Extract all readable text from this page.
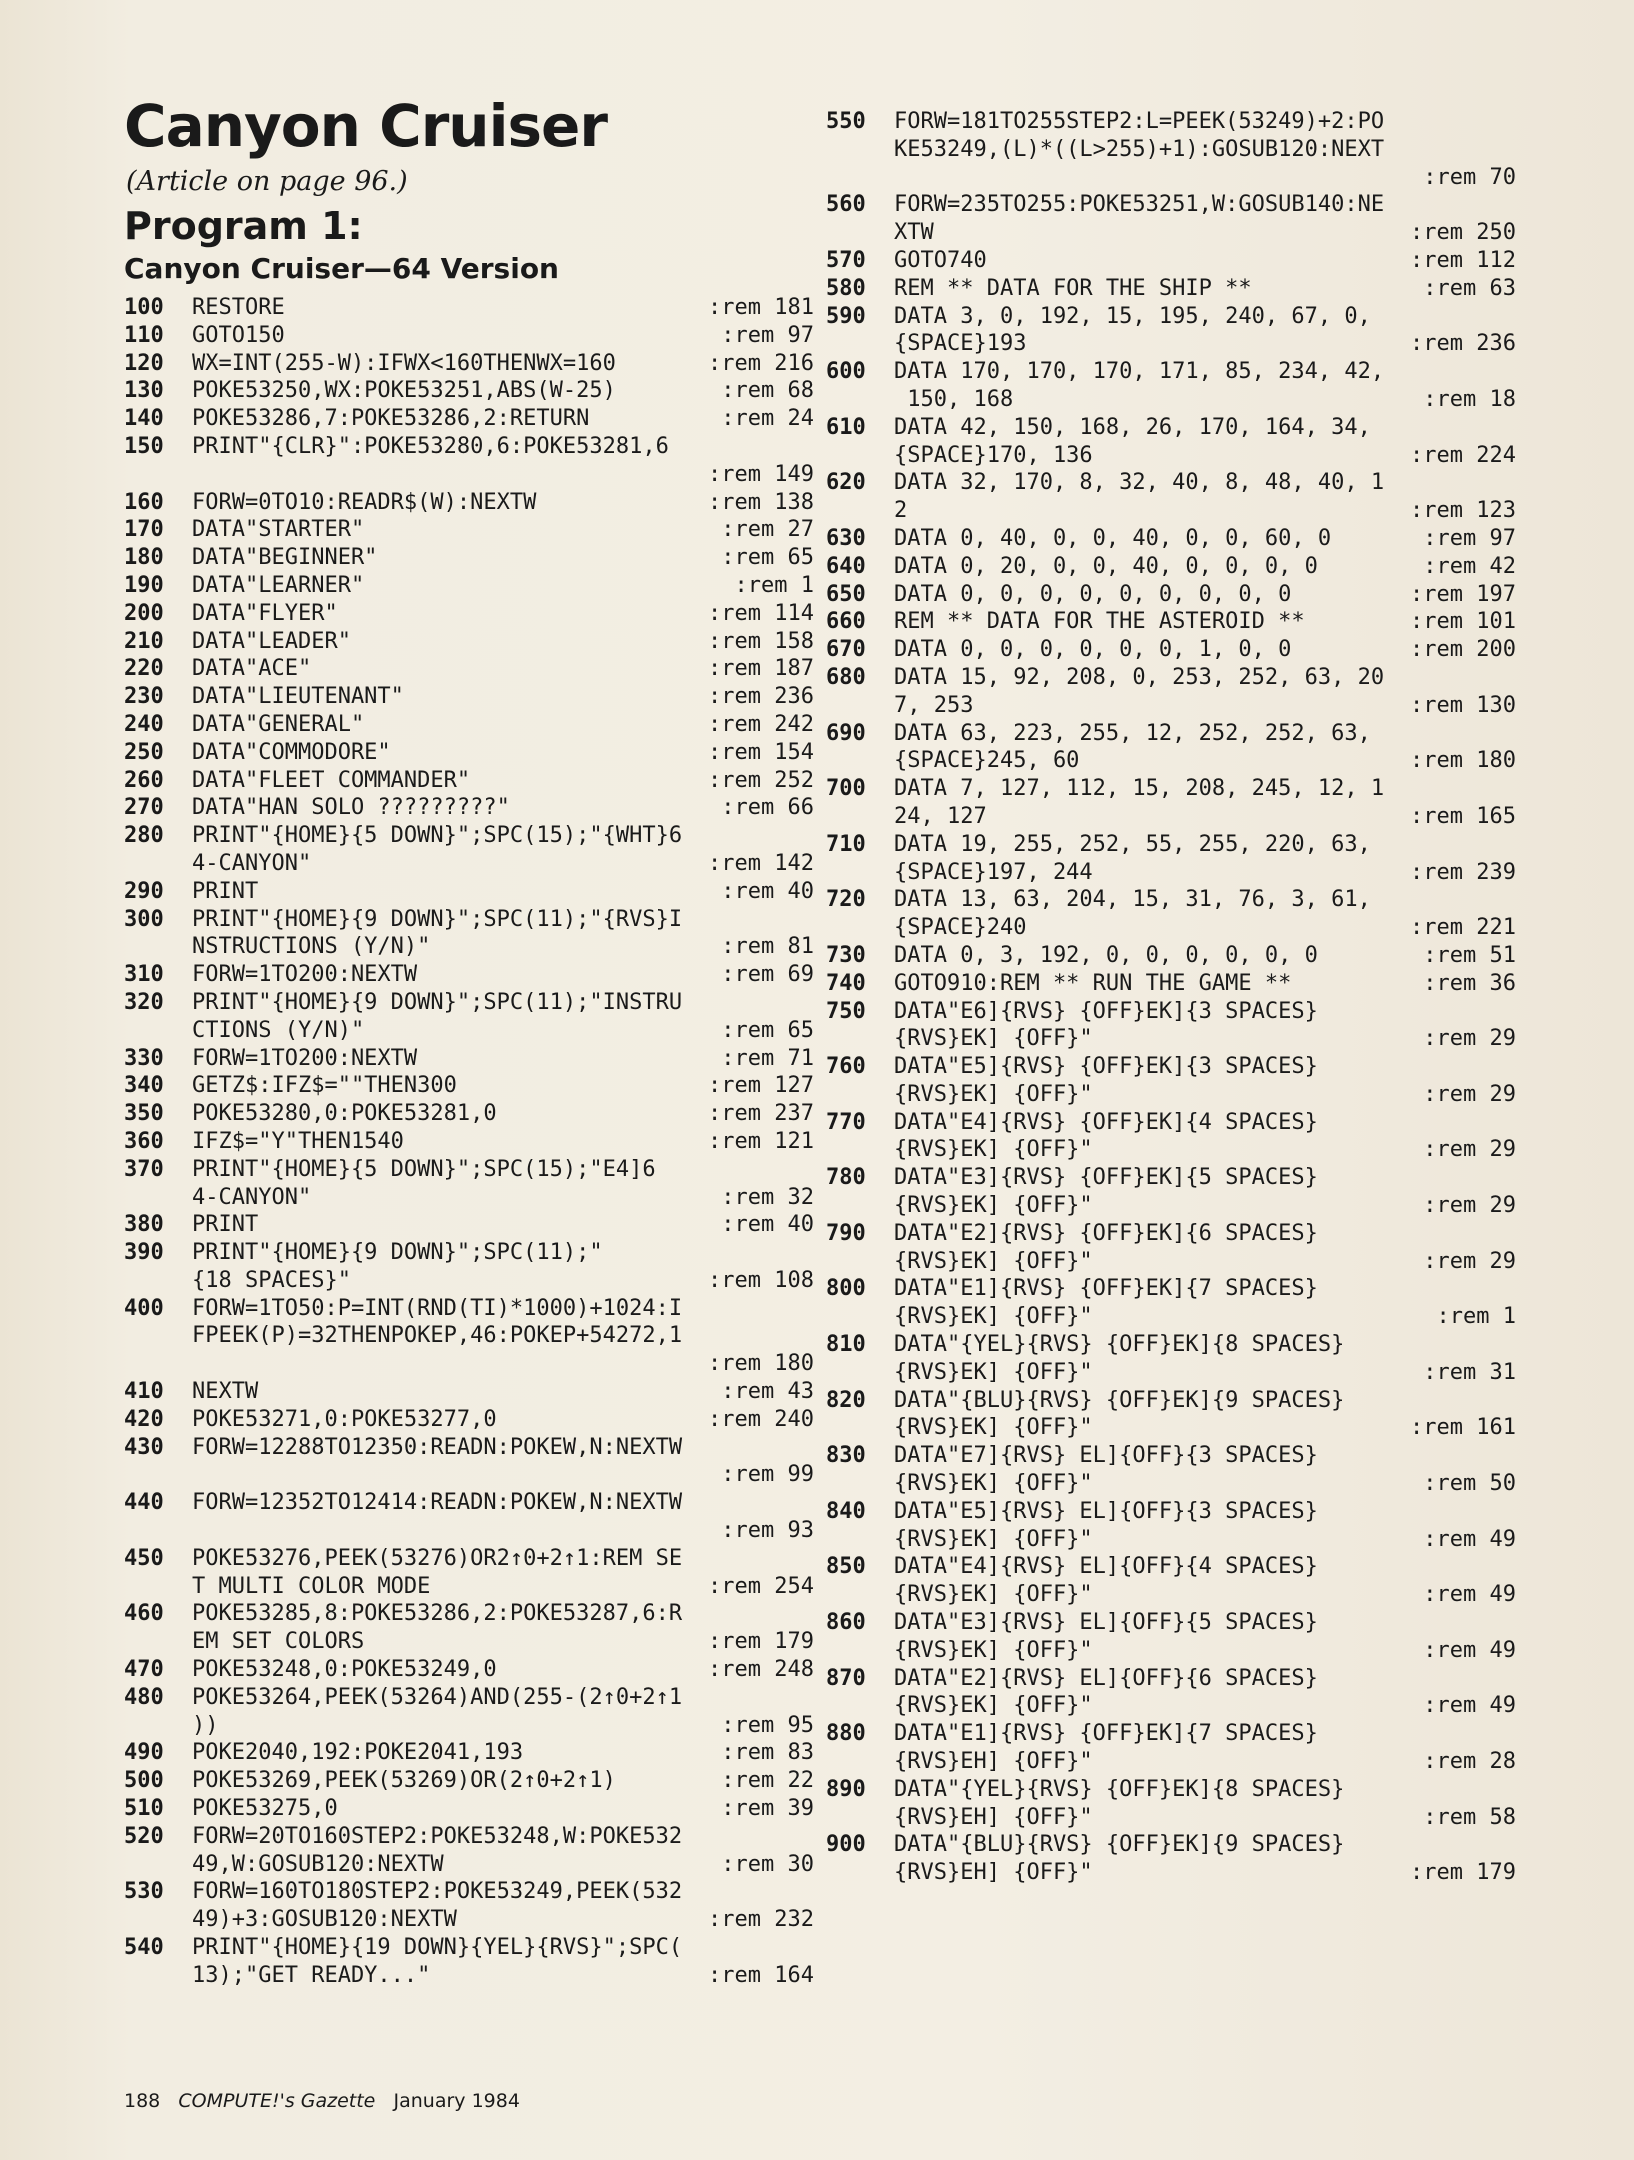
Canyon Cruiser
(Article on page 96.)
Program 1:
Canyon Cruiser—64 Version
100 RESTORE	:rem 181
110 GOTO150	:rem 97
120 WX=INT(255-W):IFWX<160THENWX=160	:rem 216
130 POKE53250,WX:POKE53251,ABS(W-25)	:rem 68
140 POKE53286,7:POKE53286,2:RETURN	:rem 24
150 PRINT"{CLR}":POKE53280,6:POKE53281,6
:rem 149
160 FORW=0TO10:READR$(W):NEXTW	:rem 138
170 DATA"STARTER"	:rem 27
180 DATA"BEGINNER"	:rem 65
190 DATA"LEARNER"	:rem 1
200 DATA"FLYER"	:rem 114
210 DATA"LEADER"	:rem 158
220 DATA"ACE"	:rem 187
230 DATA"LIEUTENANT"	:rem 236
240 DATA"GENERAL"	:rem 242
250 DATA"COMMODORE"	:rem 154
260 DATA"FLEET COMMANDER"	:rem 252
270 DATA"HAN SOLO ?????????"	:rem 66
280 PRINT"{HOME}{5 DOWN}";SPC(15);"{WHT}6
4-CANYON"	:rem 142
290 PRINT	:rem 40
300 PRINT"{HOME}{9 DOWN}";SPC(11);"{RVS}I
NSTRUCTIONS (Y/N)"	:rem 81
310 FORW=1TO200:NEXTW	:rem 69
320 PRINT"{HOME}{9 DOWN}";SPC(11);"INSTRU
CTIONS (Y/N)"	:rem 65
330 FORW=1TO200:NEXTW	:rem 71
340 GETZ$:IFZ$=""THEN300	:rem 127
350 POKE53280,0:POKE53281,0	:rem 237
360 IFZ$="Y"THEN1540	:rem 121
370 PRINT"{HOME}{5 DOWN}";SPC(15);"E4]6
4-CANYON"	:rem 32
380 PRINT	:rem 40
390 PRINT"{HOME}{9 DOWN}";SPC(11);"
{18 SPACES}"	:rem 108
400 FORW=1TO50:P=INT(RND(TI)*1000)+1024:I
FPEEK(P)=32THENPOKEP,46:POKEP+54272,1
:rem 180
410 NEXTW	:rem 43
420 POKE53271,0:POKE53277,0	:rem 240
430 FORW=12288TO12350:READN:POKEW,N:NEXTW
:rem 99
440 FORW=12352TO12414:READN:POKEW,N:NEXTW
:rem 93
450 POKE53276,PEEK(53276)OR2↑0+2↑1:REM SE
T MULTI COLOR MODE	:rem 254
460 POKE53285,8:POKE53286,2:POKE53287,6:R
EM SET COLORS	:rem 179
470 POKE53248,0:POKE53249,0	:rem 248
480 POKE53264,PEEK(53264)AND(255-(2↑0+2↑1
))	:rem 95
490 POKE2040,192:POKE2041,193	:rem 83
500 POKE53269,PEEK(53269)OR(2↑0+2↑1)	:rem 22
510 POKE53275,0	:rem 39
520 FORW=20TO160STEP2:POKE53248,W:POKE532
49,W:GOSUB120:NEXTW	:rem 30
530 FORW=160TO180STEP2:POKE53249,PEEK(532
49)+3:GOSUB120:NEXTW	:rem 232
540 PRINT"{HOME}{19 DOWN}{YEL}{RVS}";SPC(
13);"GET READY..."	:rem 164
550 FORW=181TO255STEP2:L=PEEK(53249)+2:PO
KE53249,(L)*((L>255)+1):GOSUB120:NEXT
:rem 70
560 FORW=235TO255:POKE53251,W:GOSUB140:NE
XTW	:rem 250
570 GOTO740	:rem 112
580 REM ** DATA FOR THE SHIP **	:rem 63
590 DATA 3, 0, 192, 15, 195, 240, 67, 0,
{SPACE}193	:rem 236
600 DATA 170, 170, 170, 171, 85, 234, 42,
150, 168	:rem 18
610 DATA 42, 150, 168, 26, 170, 164, 34,
{SPACE}170, 136	:rem 224
620 DATA 32, 170, 8, 32, 40, 8, 48, 40, 1
2	:rem 123
630 DATA 0, 40, 0, 0, 40, 0, 0, 60, 0	:rem 97
640 DATA 0, 20, 0, 0, 40, 0, 0, 0, 0	:rem 42
650 DATA 0, 0, 0, 0, 0, 0, 0, 0, 0	:rem 197
660 REM ** DATA FOR THE ASTEROID **	:rem 101
670 DATA 0, 0, 0, 0, 0, 0, 1, 0, 0	:rem 200
680 DATA 15, 92, 208, 0, 253, 252, 63, 20
7, 253	:rem 130
690 DATA 63, 223, 255, 12, 252, 252, 63,
{SPACE}245, 60	:rem 180
700 DATA 7, 127, 112, 15, 208, 245, 12, 1
24, 127	:rem 165
710 DATA 19, 255, 252, 55, 255, 220, 63,
{SPACE}197, 244	:rem 239
720 DATA 13, 63, 204, 15, 31, 76, 3, 61,
{SPACE}240	:rem 221
730 DATA 0, 3, 192, 0, 0, 0, 0, 0, 0	:rem 51
740 GOTO910:REM ** RUN THE GAME **	:rem 36
750 DATA"E6]{RVS} {OFF}EK]{3 SPACES}
{RVS}EK] {OFF}"	:rem 29
760 DATA"E5]{RVS} {OFF}EK]{3 SPACES}
{RVS}EK] {OFF}"	:rem 29
770 DATA"E4]{RVS} {OFF}EK]{4 SPACES}
{RVS}EK] {OFF}"	:rem 29
780 DATA"E3]{RVS} {OFF}EK]{5 SPACES}
{RVS}EK] {OFF}"	:rem 29
790 DATA"E2]{RVS} {OFF}EK]{6 SPACES}
{RVS}EK] {OFF}"	:rem 29
800 DATA"E1]{RVS} {OFF}EK]{7 SPACES}
{RVS}EK] {OFF}"	:rem 1
810 DATA"{YEL}{RVS} {OFF}EK]{8 SPACES}
{RVS}EK] {OFF}"	:rem 31
820 DATA"{BLU}{RVS} {OFF}EK]{9 SPACES}
{RVS}EK] {OFF}"	:rem 161
830 DATA"E7]{RVS} EL]{OFF}{3 SPACES}
{RVS}EK] {OFF}"	:rem 50
840 DATA"E5]{RVS} EL]{OFF}{3 SPACES}
{RVS}EK] {OFF}"	:rem 49
850 DATA"E4]{RVS} EL]{OFF}{4 SPACES}
{RVS}EK] {OFF}"	:rem 49
860 DATA"E3]{RVS} EL]{OFF}{5 SPACES}
{RVS}EK] {OFF}"	:rem 49
870 DATA"E2]{RVS} EL]{OFF}{6 SPACES}
{RVS}EK] {OFF}"	:rem 49
880 DATA"E1]{RVS} {OFF}EK]{7 SPACES}
{RVS}EH] {OFF}"	:rem 28
890 DATA"{YEL}{RVS} {OFF}EK]{8 SPACES}
{RVS}EH] {OFF}"	:rem 58
900 DATA"{BLU}{RVS} {OFF}EK]{9 SPACES}
{RVS}EH] {OFF}"	:rem 179
188 COMPUTE!'s Gazette January 1984
